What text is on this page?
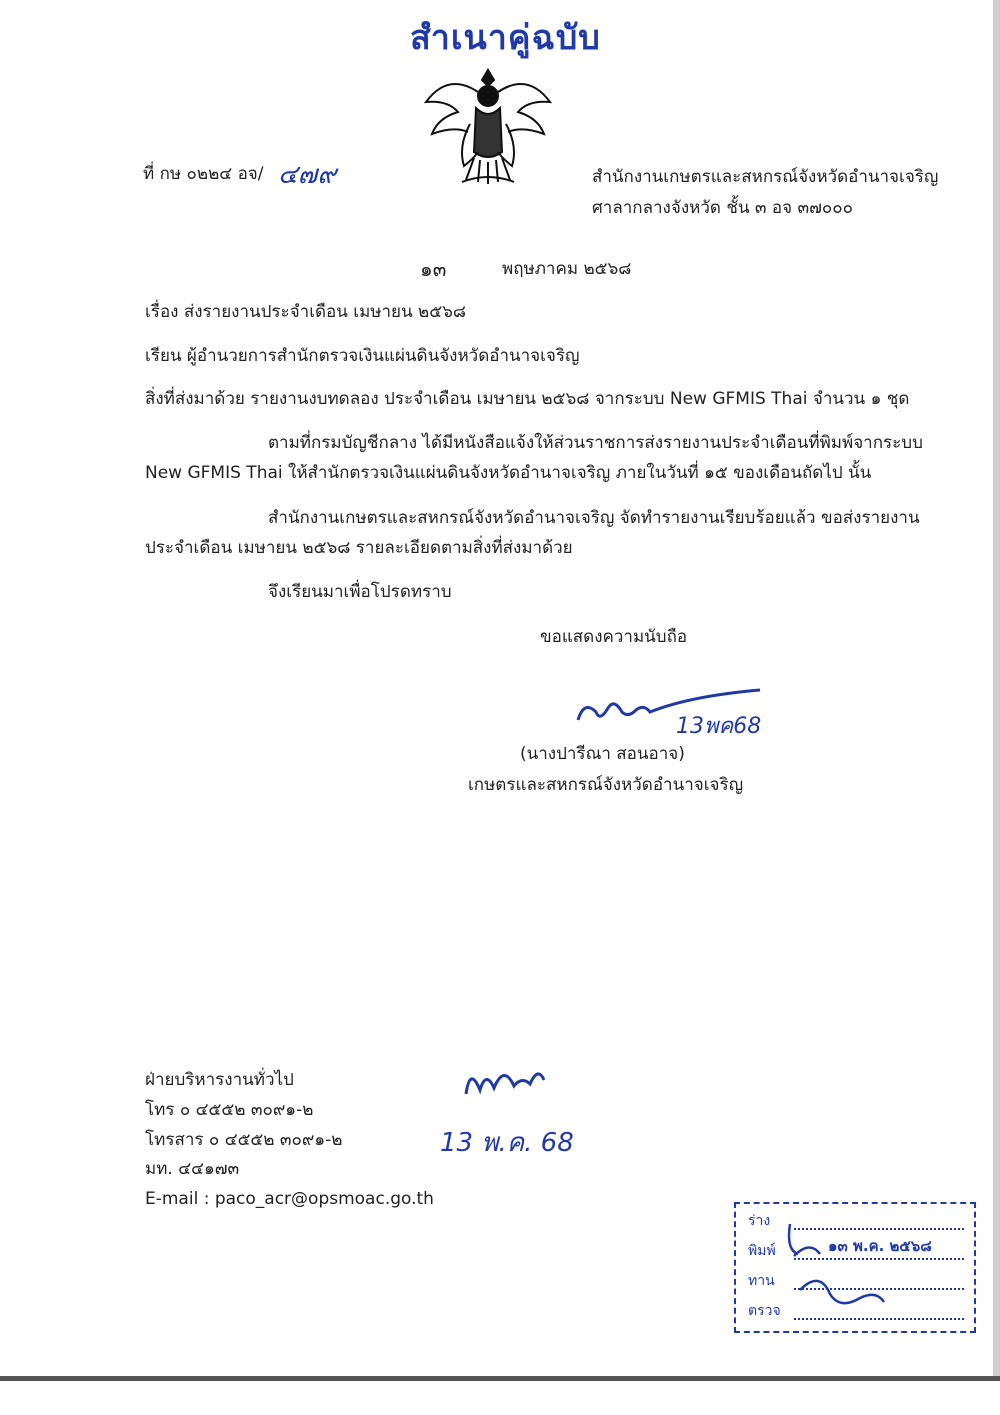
สำเนาคู่ฉบับ
ที่ กษ ๐๒๒๔ อจ/ ๔๗๙	สำนักงานเกษตรและสหกรณ์จังหวัดอำนาจเจริญ
ศาลากลางจังหวัด ชั้น ๓ อจ ๓๗๐๐๐
๑๓	พฤษภาคม ๒๕๖๘
เรื่อง ส่งรายงานประจำเดือน เมษายน ๒๕๖๘
เรียน ผู้อำนวยการสำนักตรวจเงินแผ่นดินจังหวัดอำนาจเจริญ
สิ่งที่ส่งมาด้วย รายงานงบทดลอง ประจำเดือน เมษายน ๒๕๖๘ จากระบบ New GFMIS Thai จำนวน ๑ ชุด
ตามที่กรมบัญชีกลาง ได้มีหนังสือแจ้งให้ส่วนราชการส่งรายงานประจำเดือนที่พิมพ์จากระบบ
New GFMIS Thai ให้สำนักตรวจเงินแผ่นดินจังหวัดอำนาจเจริญ ภายในวันที่ ๑๕ ของเดือนถัดไป นั้น
สำนักงานเกษตรและสหกรณ์จังหวัดอำนาจเจริญ จัดทำรายงานเรียบร้อยแล้ว ขอส่งรายงาน
ประจำเดือน เมษายน ๒๕๖๘ รายละเอียดตามสิ่งที่ส่งมาด้วย
จึงเรียนมาเพื่อโปรดทราบ
ขอแสดงความนับถือ
13พค68
(นางปารีณา สอนอาจ)
เกษตรและสหกรณ์จังหวัดอำนาจเจริญ
ฝ่ายบริหารงานทั่วไป
โทร ๐ ๔๕๕๒ ๓๐๙๑-๒
โทรสาร ๐ ๔๕๕๒ ๓๐๙๑-๒
มท. ๔๔๑๗๓
E-mail : paco_acr@opsmoac.go.th
13 พ.ค. 68
ร่าง
พิมพ์	๑๓ พ.ค. ๒๕๖๘
ทาน
ตรวจ
